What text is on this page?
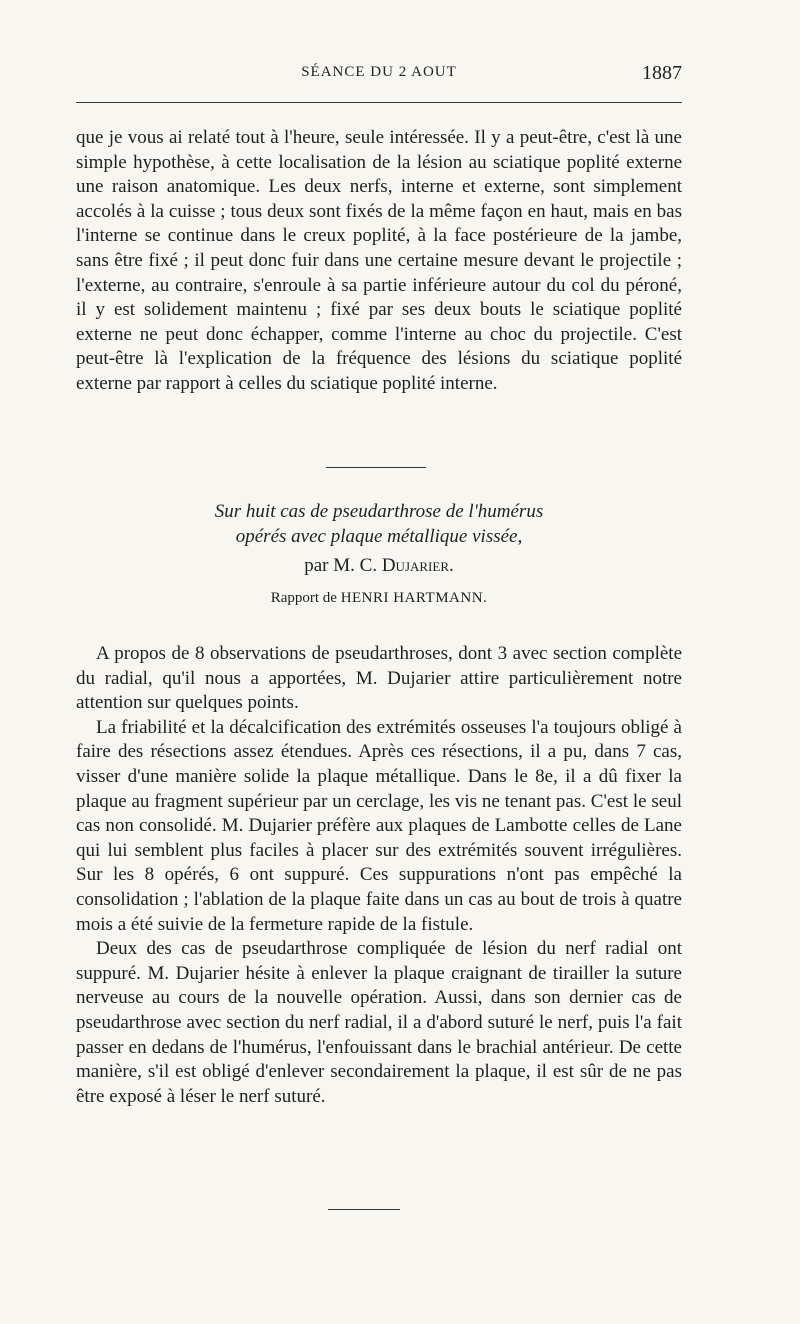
SÉANCE DU 2 AOUT	1887

que je vous ai relaté tout à l'heure, seule intéressée. Il y a peut-être, c'est là une simple hypothèse, à cette localisation de la lésion au sciatique poplité externe une raison anatomique. Les deux nerfs, interne et externe, sont simplement accolés à la cuisse ; tous deux sont fixés de la même façon en haut, mais en bas l'interne se continue dans le creux poplité, à la face postérieure de la jambe, sans être fixé ; il peut donc fuir dans une certaine mesure devant le projectile ; l'externe, au contraire, s'enroule à sa partie inférieure autour du col du péroné, il y est solidement maintenu ; fixé par ses deux bouts le sciatique poplité externe ne peut donc échapper, comme l'interne au choc du projectile. C'est peut-être là l'explication de la fréquence des lésions du sciatique poplité externe par rapport à celles du sciatique poplité interne.

Sur huit cas de pseudarthrose de l'humérus
opérés avec plaque métallique vissée,
par M. C. Dujarier.
Rapport de HENRI HARTMANN.

A propos de 8 observations de pseudarthroses, dont 3 avec section complète du radial, qu'il nous a apportées, M. Dujarier attire particulièrement notre attention sur quelques points.

La friabilité et la décalcification des extrémités osseuses l'a toujours obligé à faire des résections assez étendues. Après ces résections, il a pu, dans 7 cas, visser d'une manière solide la plaque métallique. Dans le 8e, il a dû fixer la plaque au fragment supérieur par un cerclage, les vis ne tenant pas. C'est le seul cas non consolidé. M. Dujarier préfère aux plaques de Lambotte celles de Lane qui lui semblent plus faciles à placer sur des extrémités souvent irrégulières. Sur les 8 opérés, 6 ont suppuré. Ces suppurations n'ont pas empêché la consolidation ; l'ablation de la plaque faite dans un cas au bout de trois à quatre mois a été suivie de la fermeture rapide de la fistule.

Deux des cas de pseudarthrose compliquée de lésion du nerf radial ont suppuré. M. Dujarier hésite à enlever la plaque craignant de tirailler la suture nerveuse au cours de la nouvelle opération. Aussi, dans son dernier cas de pseudarthrose avec section du nerf radial, il a d'abord suturé le nerf, puis l'a fait passer en dedans de l'humérus, l'enfouissant dans le brachial antérieur. De cette manière, s'il est obligé d'enlever secondairement la plaque, il est sûr de ne pas être exposé à léser le nerf suturé.
